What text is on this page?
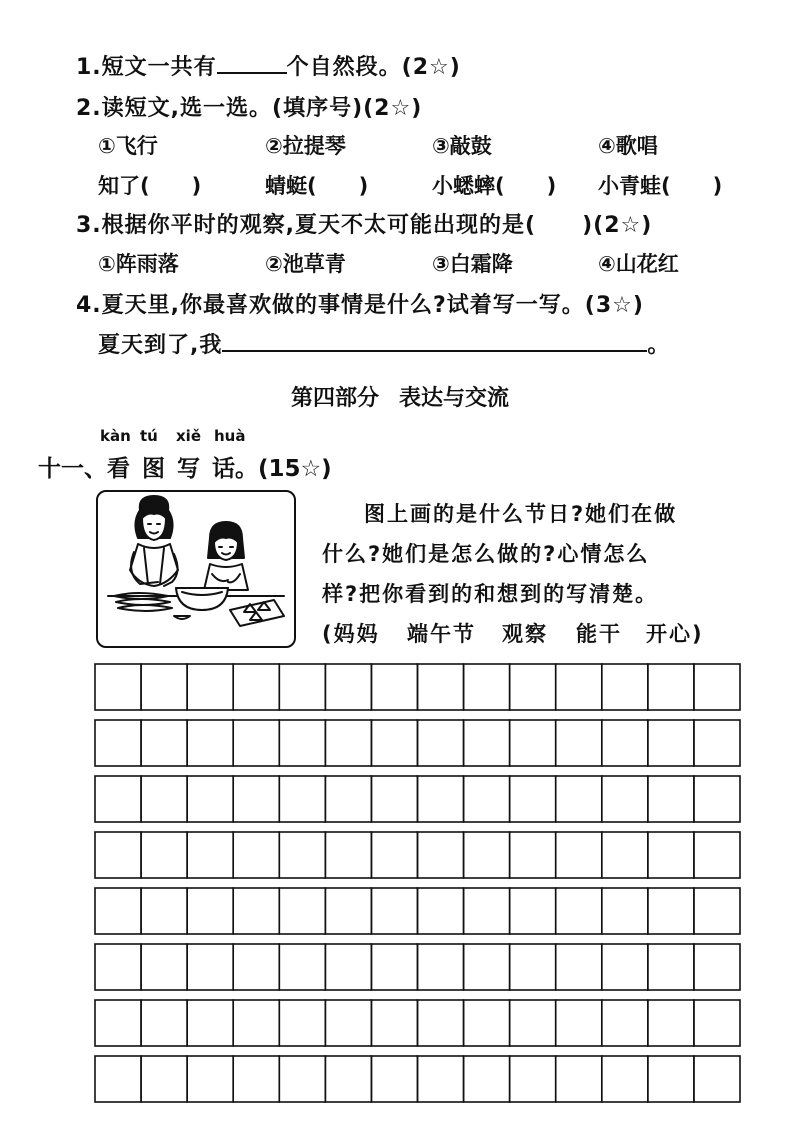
1.短文一共有	个自然段。(2☆)
2.读短文,选一选。(填序号)(2☆)
①飞行	②拉提琴	③敲鼓	④歌唱
知了(　　)	蜻蜓(　　)	小蟋蟀(　　) 小青蛙(　　)
3.根据你平时的观察,夏天不太可能出现的是(　　)(2☆)
①阵雨落	②池草青	③白霜降	④山花红
4.夏天里,你最喜欢做的事情是什么?试着写一写。(3☆)
夏天到了,我	。
第四部分 表达与交流
kàn tú xiě huà
十一、看 图 写 话。(15☆)
图上画的是什么节日?她们在做
什么?她们是怎么做的?心情怎么
样?把你看到的和想到的写清楚。
(妈妈 端午节 观察 能干 开心)
